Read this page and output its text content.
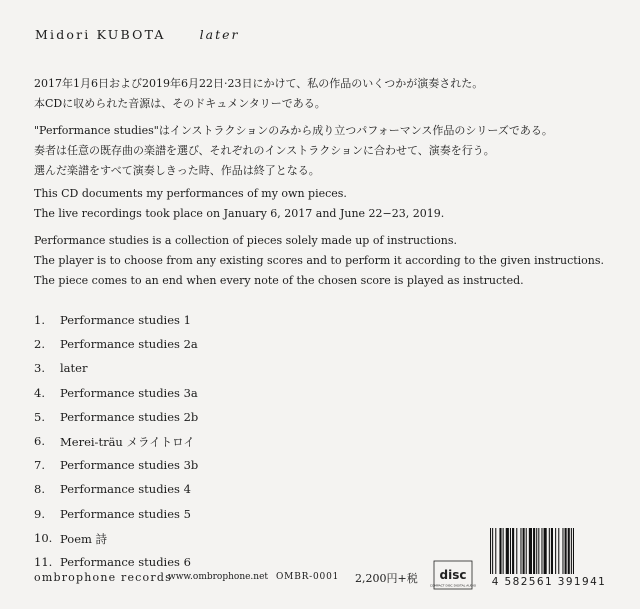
Midori KUBOTA	later
2017年1月6日および2019年6月22日·23日にかけて、私の作品のいくつかが演奏された。
本CDに収められた音源は、そのドキュメンタリーである。
"Performance studies"はインストラクションのみから成り立つパフォーマンス作品のシリーズである。
奏者は任意の既存曲の楽譜を選び、それぞれのインストラクションに合わせて、演奏を行う。
選んだ楽譜をすべて演奏しきった時、作品は終了となる。
This CD documents my performances of my own pieces.
The live recordings took place on January 6, 2017 and June 22−23, 2019.
Performance studies is a collection of pieces solely made up of instructions.
The player is to choose from any existing scores and to perform it according to the given instructions.
The piece comes to an end when every note of the chosen score is played as instructed.
1.	Performance studies 1
2.	Performance studies 2a
3.	later
4.	Performance studies 3a
5.	Performance studies 2b
6.	Merei-träu メライトロイ
7.	Performance studies 3b
8.	Performance studies 4
9.	Performance studies 5
10. Poem 詩
11. Performance studies 6
ombrophone records
www.ombrophone.net OMBR-0001 2,200円+税 disc
COMPACT DISC DIGITAL AUDIO	4 582561 391941
